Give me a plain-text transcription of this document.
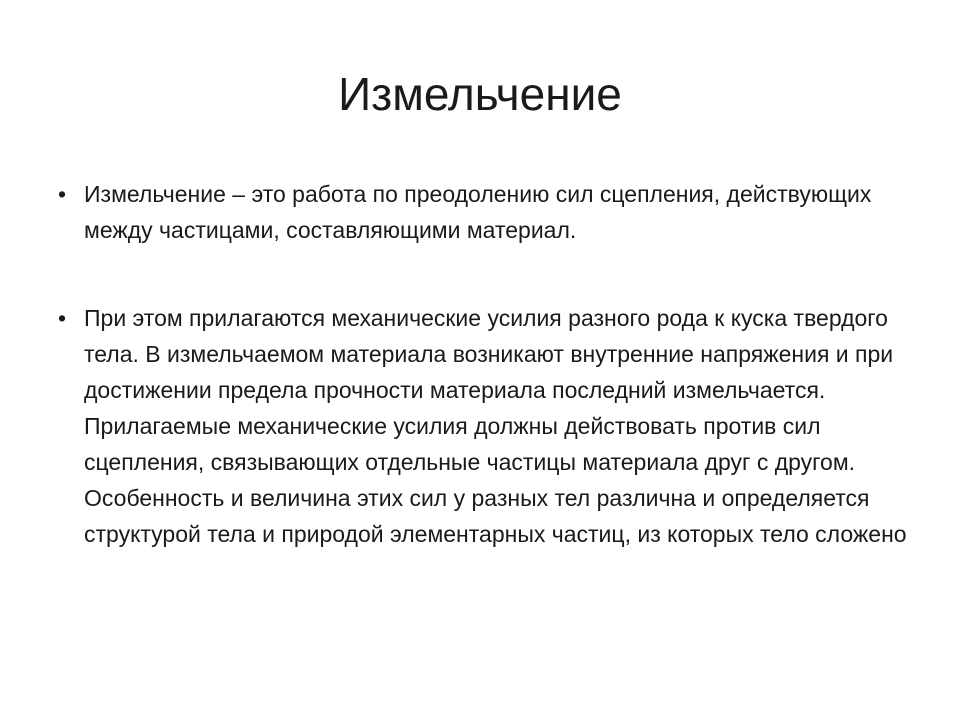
Измельчение
• Измельчение – это работа по преодолению сил сцепления, действующих между частицами, составляющими материал.
• При этом прилагаются механические усилия разного рода к куска твердого тела. В измельчаемом материала возникают внутренние напряжения и при достижении предела прочности материала последний измельчается. Прилагаемые механические усилия должны действовать против сил сцепления, связывающих отдельные частицы материала друг с другом. Особенность и величина этих сил у разных тел различна и определяется структурой тела и природой элементарных частиц, из которых тело сложено
